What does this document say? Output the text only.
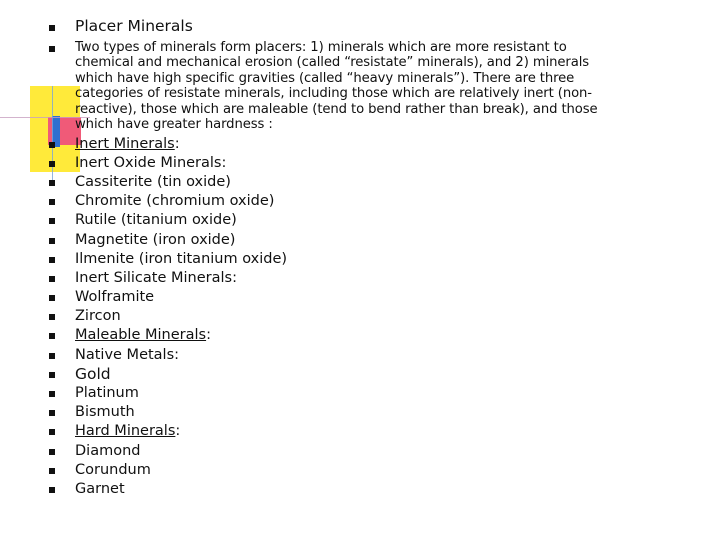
Placer Minerals
Two types of minerals form placers: 1) minerals which are more resistant to
chemical and mechanical erosion (called “resistate” minerals), and 2) minerals
which have high specific gravities (called “heavy minerals”). There are three
categories of resistate minerals, including those which are relatively inert (non-
reactive), those which are maleable (tend to bend rather than break), and those
which have greater hardness :
Inert Minerals:
Inert Oxide Minerals:
Cassiterite (tin oxide)
Chromite (chromium oxide)
Rutile (titanium oxide)
Magnetite (iron oxide)
Ilmenite (iron titanium oxide)
Inert Silicate Minerals:
Wolframite
Zircon
Maleable Minerals:
Native Metals:
Gold
Platinum
Bismuth
Hard Minerals:
Diamond
Corundum
Garnet
